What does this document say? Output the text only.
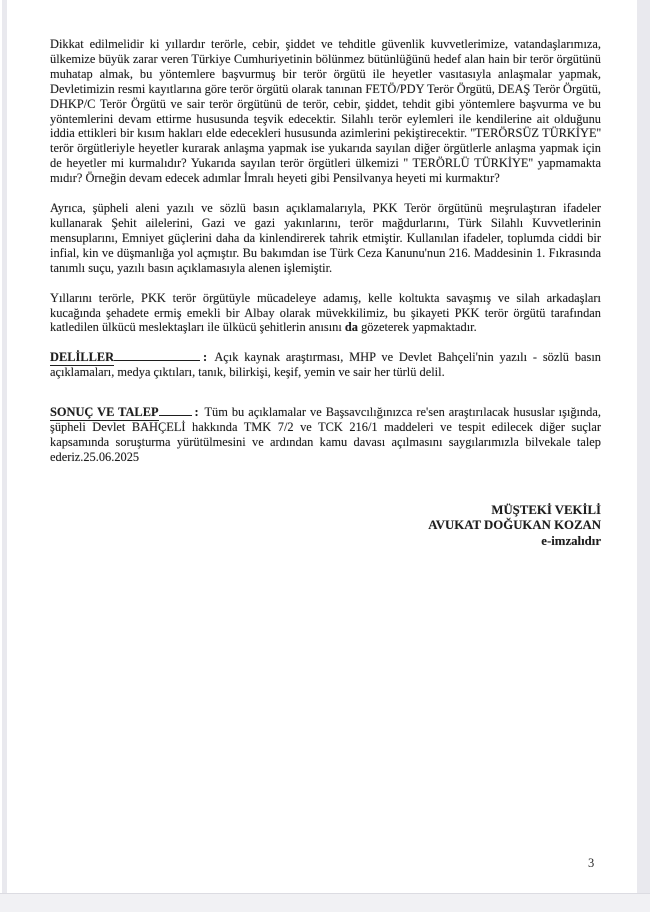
Dikkat edilmelidir ki yıllardır terörle, cebir, şiddet ve tehditle güvenlik kuvvetlerimize, vatandaşlarımıza, ülkemize büyük zarar veren Türkiye Cumhuriyetinin bölünmez bütünlüğünü hedef alan hain bir terör örgütünü muhatap almak, bu yöntemlere başvurmuş bir terör örgütü ile heyetler vasıtasıyla anlaşmalar yapmak, Devletimizin resmi kayıtlarına göre terör örgütü olarak tanınan FETÖ/PDY Terör Örgütü, DEAŞ Terör Örgütü, DHKP/C Terör Örgütü ve sair terör örgütünü de terör, cebir, şiddet, tehdit gibi yöntemlere başvurma ve bu yöntemlerini devam ettirme hususunda teşvik edecektir. Silahlı terör eylemleri ile kendilerine ait olduğunu iddia ettikleri bir kısım hakları elde edecekleri hususunda azimlerini pekiştirecektir. ''TERÖRSÜZ TÜRKİYE'' terör örgütleriyle heyetler kurarak anlaşma yapmak ise yukarıda sayılan diğer örgütlerle anlaşma yapmak için de heyetler mi kurmalıdır? Yukarıda sayılan terör örgütleri ülkemizi '' TERÖRLÜ TÜRKİYE'' yapmamakta mıdır? Örneğin devam edecek adımlar İmralı heyeti gibi Pensilvanya heyeti mi kurmaktır?

Ayrıca, şüpheli aleni yazılı ve sözlü basın açıklamalarıyla, PKK Terör örgütünü meşrulaştıran ifadeler kullanarak Şehit ailelerini, Gazi ve gazi yakınlarını, terör mağdurlarını, Türk Silahlı Kuvvetlerinin mensuplarını, Emniyet güçlerini daha da kinlendirerek tahrik etmiştir. Kullanılan ifadeler, toplumda ciddi bir infial, kin ve düşmanlığa yol açmıştır. Bu bakımdan ise Türk Ceza Kanunu'nun 216. Maddesinin 1. Fıkrasında tanımlı suçu, yazılı basın açıklamasıyla alenen işlemiştir.

Yıllarını terörle, PKK terör örgütüyle mücadeleye adamış, kelle koltukta savaşmış ve silah arkadaşları kucağında şehadete ermiş emekli bir Albay olarak müvekkilimiz, bu şikayeti PKK terör örgütü tarafından katledilen ülkücü meslektaşları ile ülkücü şehitlerin anısını da gözeterek yapmaktadır.

DELİLLER	: Açık kaynak araştırması, MHP ve Devlet Bahçeli'nin yazılı - sözlü basın açıklamaları, medya çıktıları, tanık, bilirkişi, keşif, yemin ve sair her türlü delil.

SONUÇ VE TALEP	: Tüm bu açıklamalar ve Başsavcılığınızca re'sen araştırılacak hususlar ışığında, şüpheli Devlet BAHÇELİ hakkında TMK 7/2 ve TCK 216/1 maddeleri ve tespit edilecek diğer suçlar kapsamında soruşturma yürütülmesini ve ardından kamu davası açılmasını saygılarımızla bilvekale talep ederiz.25.06.2025

MÜŞTEKİ VEKİLİ
AVUKAT DOĞUKAN KOZAN
e-imzalıdır
3
